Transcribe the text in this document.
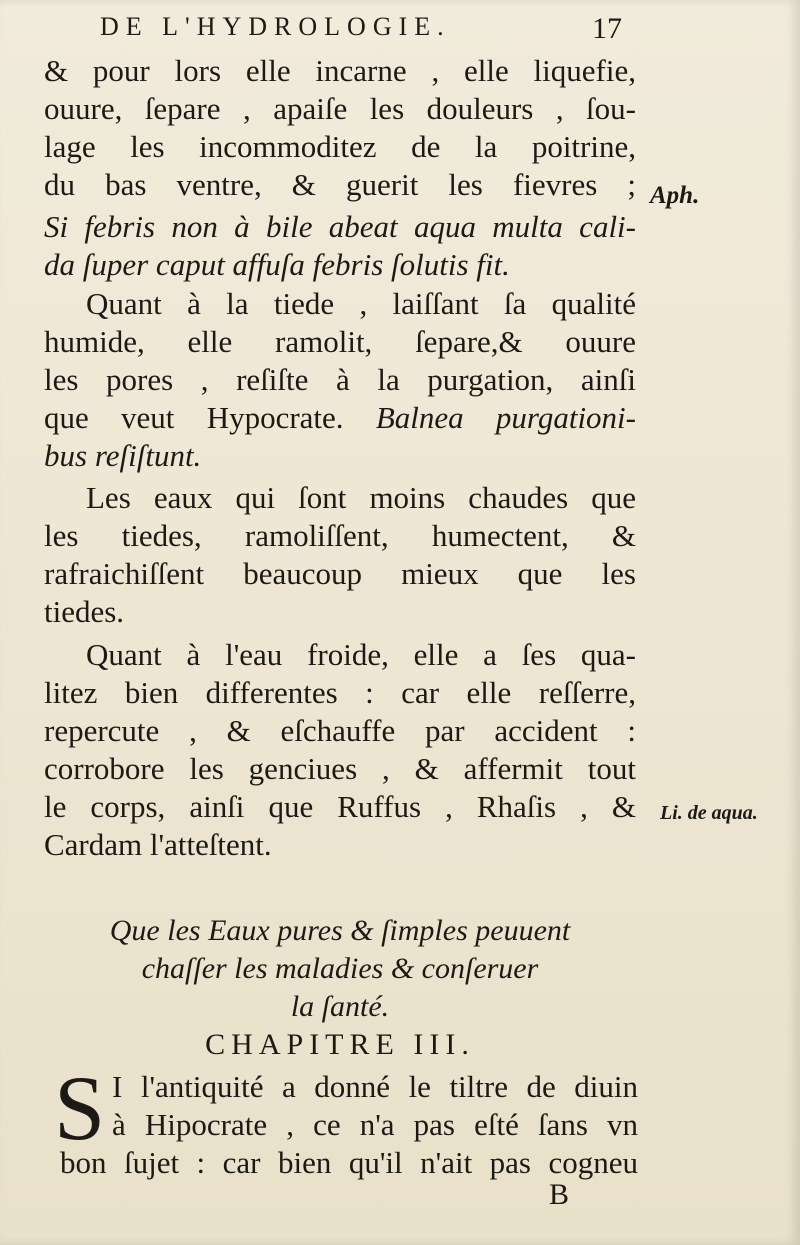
DE L'HYDROLOGIE.	17
& pour lors elle incarne , elle liquefie,
ouure, ſepare , apaiſe les douleurs , ſou-
lage les incommoditez de la poitrine,
du bas ventre, & guerit les fievres ;
Si febris non à bile abeat aqua multa cali-
da ſuper caput affuſa febris ſolutis fit.
Quant à la tiede , laiſſant ſa qualité
humide, elle ramolit, ſepare,& ouure
les pores , reſiſte à la purgation, ainſi
que veut Hypocrate. Balnea purgationi-
bus reſiſtunt.
Les eaux qui ſont moins chaudes que
les tiedes, ramoliſſent, humectent, &
rafraichiſſent beaucoup mieux que les
tiedes.
Quant à l'eau froide, elle a ſes qua-
litez bien differentes : car elle reſſerre,
repercute , & eſchauffe par accident :
corrobore les genciues , & affermit tout
le corps, ainſi que Ruffus , Rhaſis , &
Cardam l'atteſtent.
Aph.
Li. de aqua.
Que les Eaux pures & ſimples peuuent
chaſſer les maladies & conſeruer
la ſanté.
CHAPITRE III.
S I l'antiquité a donné le tiltre de diuin
à Hipocrate , ce n'a pas eſté ſans vn
bon ſujet : car bien qu'il n'ait pas cogneu
B
